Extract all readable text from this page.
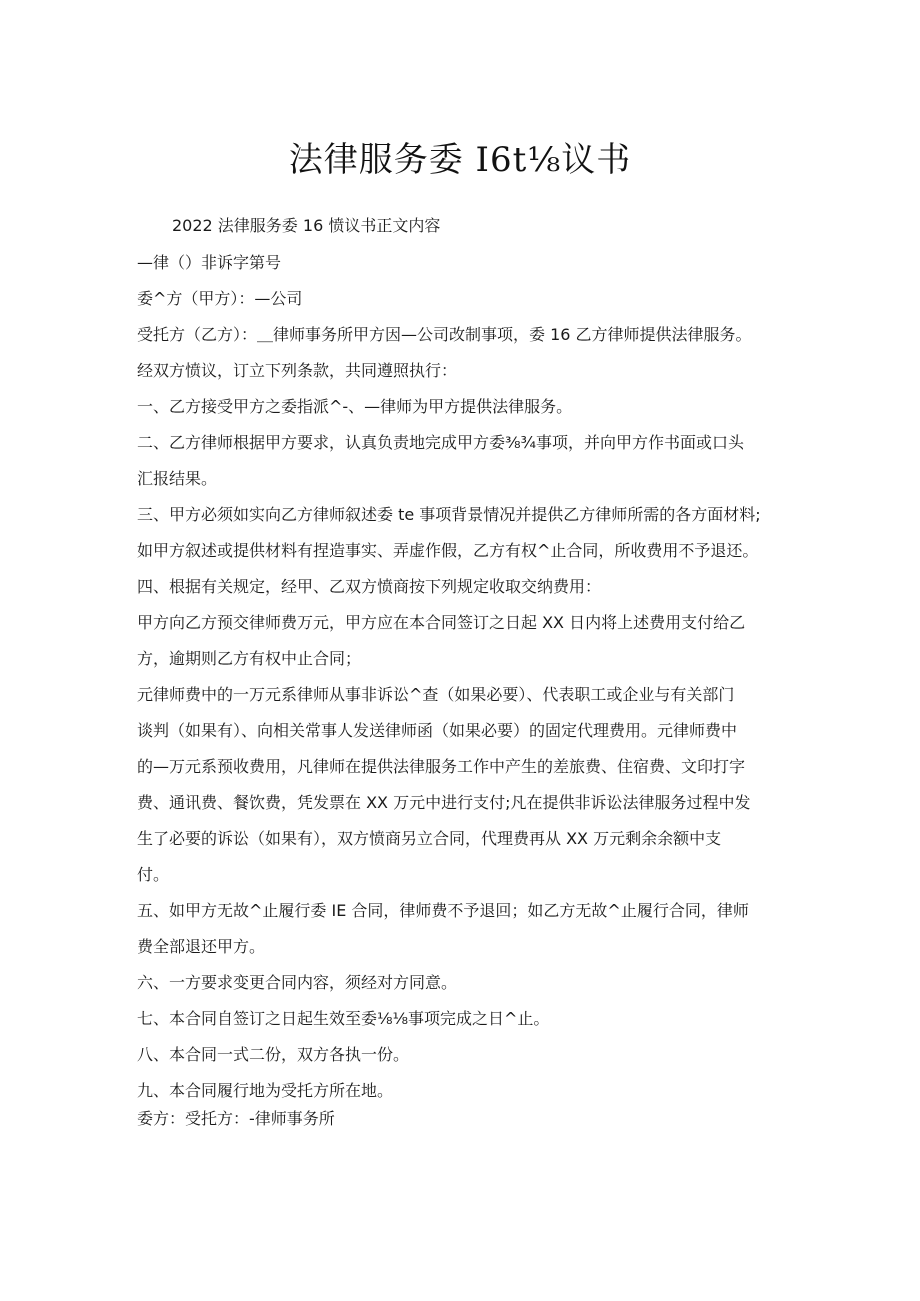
法律服务委 I6t⅛议书
2022 法律服务委 16 愤议书正文内容
—律（）非诉字第号
委^方（甲方）：—公司
受托方（乙方）：＿律师事务所甲方因—公司改制事项，委 16 乙方律师提供法律服务。
经双方愤议，订立下列条款，共同遵照执行：
一、乙方接受甲方之委指派^-、—律师为甲方提供法律服务。
二、乙方律师根据甲方要求，认真负责地完成甲方委⅜¾事项，并向甲方作书面或口头
汇报结果。
三、甲方必须如实向乙方律师叙述委 te 事项背景情况并提供乙方律师所需的各方面材料;
如甲方叙述或提供材料有捏造事实、弄虚作假，乙方有权^止合同，所收费用不予退还。
四、根据有关规定，经甲、乙双方愤商按下列规定收取交纳费用：
甲方向乙方预交律师费万元，甲方应在本合同签订之日起 XX 日内将上述费用支付给乙
方，逾期则乙方有权中止合同；
元律师费中的一万元系律师从事非诉讼^查（如果必要）、代表职工或企业与有关部门
谈判（如果有）、向相关常事人发送律师函（如果必要）的固定代理费用。元律师费中
的—万元系预收费用，凡律师在提供法律服务工作中产生的差旅费、住宿费、文印打字
费、通讯费、餐饮费，凭发票在 XX 万元中进行支付;凡在提供非诉讼法律服务过程中发
生了必要的诉讼（如果有），双方愤商另立合同，代理费再从 XX 万元剩余余额中支
付。
五、如甲方无故^止履行委 IE 合同，律师费不予退回；如乙方无故^止履行合同，律师
费全部退还甲方。
六、一方要求变更合同内容，须经对方同意。
七、本合同自签订之日起生效至委⅛⅛事项完成之日^止。
八、本合同一式二份，双方各执一份。
九、本合同履行地为受托方所在地。
委方：受托方：-律师事务所
